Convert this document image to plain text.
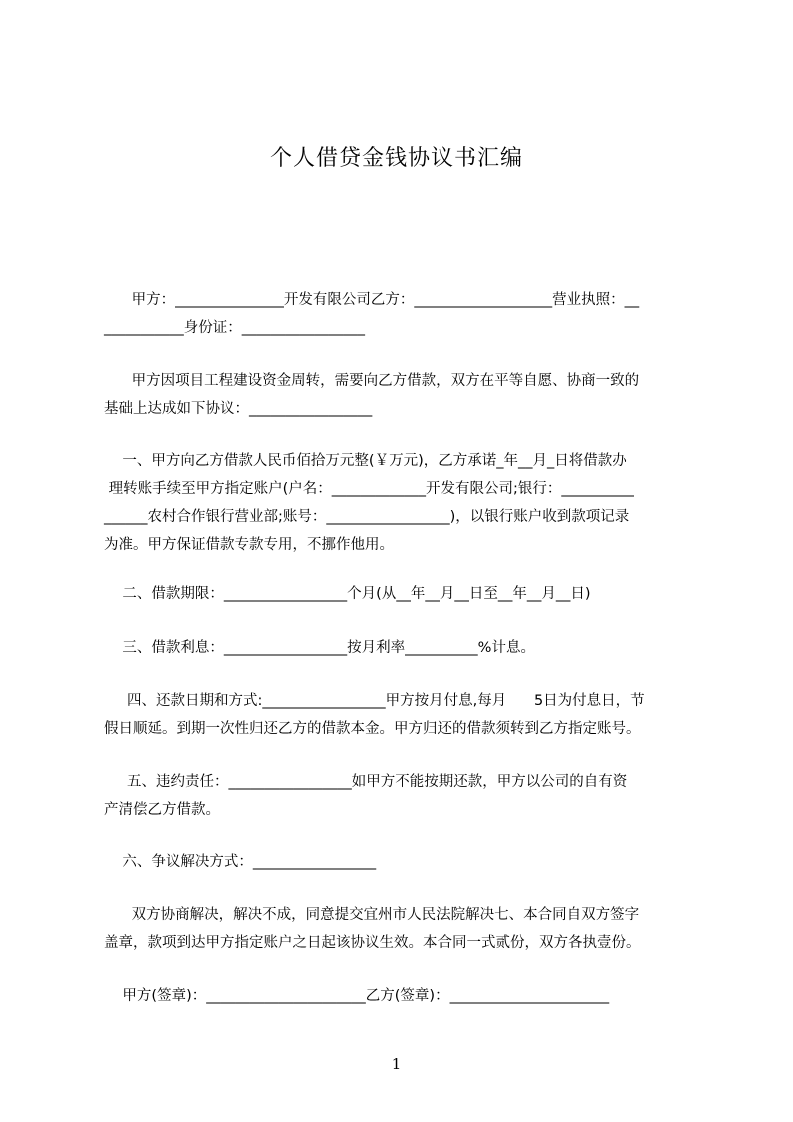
个人借贷金钱协议书汇编
甲方：_______________开发有限公司乙方：___________________营业执照：__
___________身份证：_________________
甲方因项目工程建设资金周转，需要向乙方借款，双方在平等自愿、协商一致的
基础上达成如下协议：_________________
一、甲方向乙方借款人民币佰拾万元整(￥万元)，乙方承诺_年__月_日将借款办
理转账手续至甲方指定账户(户名：_____________开发有限公司;银行：__________
______农村合作银行营业部;账号：_________________)，以银行账户收到款项记录
为准。甲方保证借款专款专用，不挪作他用。
二、借款期限：_________________个月(从__年__月__日至__年__月__日)
三、借款利息：_________________按月利率__________%计息。
四、还款日期和方式:_________________甲方按月付息,每月      5日为付息日，节
假日顺延。到期一次性归还乙方的借款本金。甲方归还的借款须转到乙方指定账号。
五、违约责任：_________________如甲方不能按期还款，甲方以公司的自有资
产清偿乙方借款。
六、争议解决方式：_________________
双方协商解决，解决不成，同意提交宜州市人民法院解决七、本合同自双方签字
盖章，款项到达甲方指定账户之日起该协议生效。本合同一式贰份，双方各执壹份。
甲方(签章)：______________________乙方(签章)：______________________
1
